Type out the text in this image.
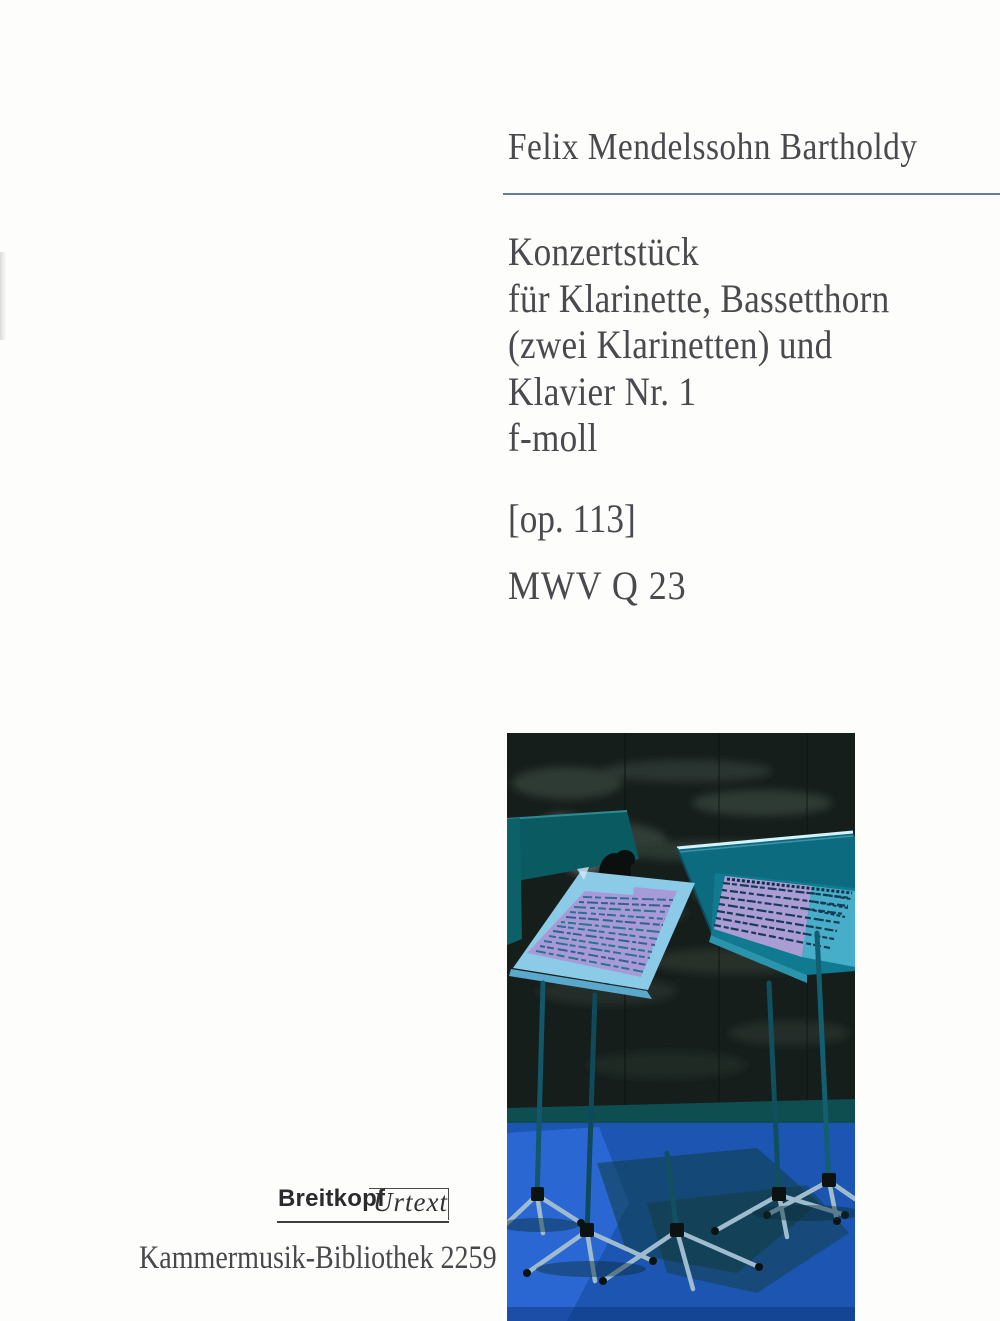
Felix Mendelssohn Bartholdy
Konzertstück
für Klarinette, Bassetthorn
(zwei Klarinetten) und
Klavier Nr. 1
f-moll
[op. 113]
MWV Q 23
Breitkopf
Urtext
Kammermusik-Bibliothek 2259
